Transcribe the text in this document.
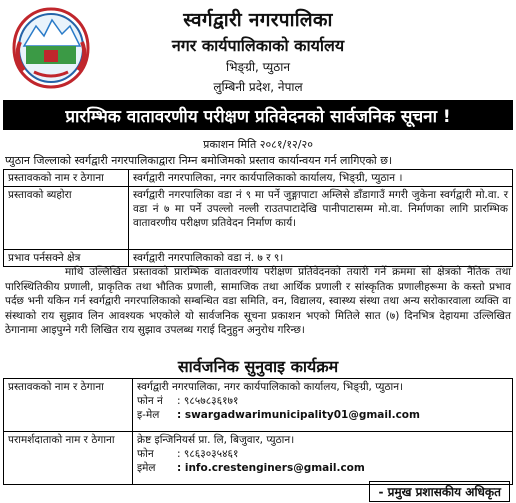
स्वर्गद्वारी नगरपालिका
नगर कार्यपालिकाको कार्यालय
भिङ्ग्री, प्युठान
लुम्बिनी प्रदेश, नेपाल
प्रारम्भिक वातावरणीय परीक्षण प्रतिवेदनको सार्वजनिक सूचना !
प्रकाशन मिति २०८१/१२/२०
प्युठान जिल्लाको स्वर्गद्वारी नगरपालिकाद्वारा निम्न बमोजिमको प्रस्ताव कार्यान्वयन गर्न लागिएको छ।
प्रस्तावकको नाम र ठेगाना	स्वर्गद्वारी नगरपालिका, नगर कार्यपालिकाको कार्यालय, भिङ्ग्री, प्युठान ।
प्रस्तावको ब्यहोरा	स्वर्गद्वारी नगरपालिका वडा नं ९ मा पर्ने जुङ्गापाटा अम्लिसे डाँडागाउँ मगरी जुकेना स्वर्गद्वारी मो.वा. र वडा नं ७ मा पर्ने उपल्लो नल्ली राउतपाटादेखि पानीपाटासम्म मो.वा. निर्माणका लागि प्रारम्भिक वातावरणीय परीक्षण प्रतिवेदन निर्माण कार्य।
प्रभाव पर्नसक्ने क्षेत्र	स्वर्गद्वारी नगरपालिकाको वडा नं. ७ र ९।
माथि उल्लिखित प्रस्तावको प्रारम्भिक वातावरणीय परीक्षण प्रतिवेदनको तयारी गर्ने क्रममा सो क्षेत्रको नैतिक तथा पारिस्थितिकीय प्रणाली, प्राकृतिक तथा भौतिक प्रणाली, सामाजिक तथा आर्थिक प्रणाली र सांस्कृतिक प्रणालीहरूमा के कस्तो प्रभाव पर्दछ भनी यकिन गर्न स्वर्गद्वारी नगरपालिकाको सम्बन्धित वडा समिति, वन, विद्यालय, स्वास्थ्य संस्था तथा अन्य सरोकारवाला व्यक्ति वा संस्थाको राय सुझाव लिन आवश्यक भएकोले यो सार्वजनिक सूचना प्रकाशन भएको मितिले सात (७) दिनभित्र देहायमा उल्लिखित ठेगानामा आइपुग्ने गरी लिखित राय सुझाव उपलब्ध गराई दिनुहुन अनुरोध गरिन्छ।
सार्वजनिक सुनुवाइ कार्यक्रम
प्रस्तावकको नाम र ठेगाना	स्वर्गद्वारी नगरपालिका, नगर कार्यपालिकाको कार्यालय, भिङ्ग्री, प्युठान।
फोन नं : ९८५७८३६१७१
इ-मेल : swargadwarimunicipality01@gmail.com

परामर्शदाताको नाम र ठेगाना	क्रेष्ट इन्जिनियर्स प्रा. लि, बिजुवार, प्युठान।
फोन : ९८६३०३५४६१
इमेल : info.crestenginers@gmail.com
- प्रमुख प्रशासकीय अधिकृत
